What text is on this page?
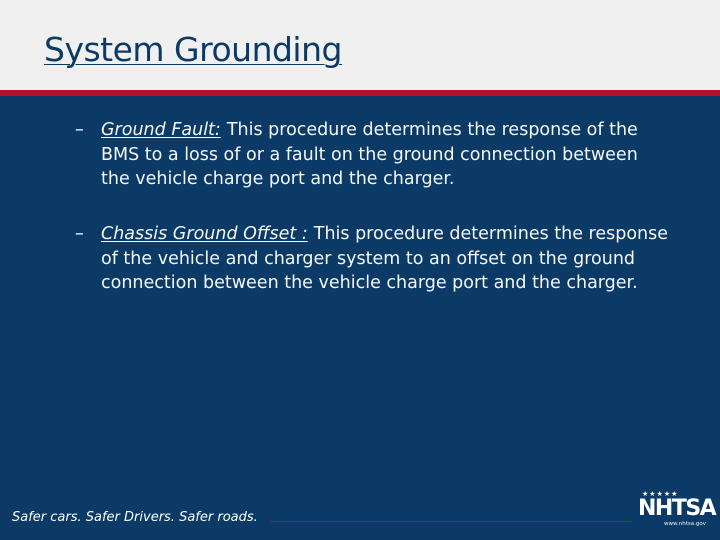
System Grounding
– Ground Fault: This procedure determines the response of the BMS to a loss of or a fault on the ground connection between the vehicle charge port and the charger.
– Chassis Ground Offset : This procedure determines the response of the vehicle and charger system to an offset on the ground connection between the vehicle charge port and the charger.
Safer cars. Safer Drivers. Safer roads.
★★★★★
NHTSA
www.nhtsa.gov
